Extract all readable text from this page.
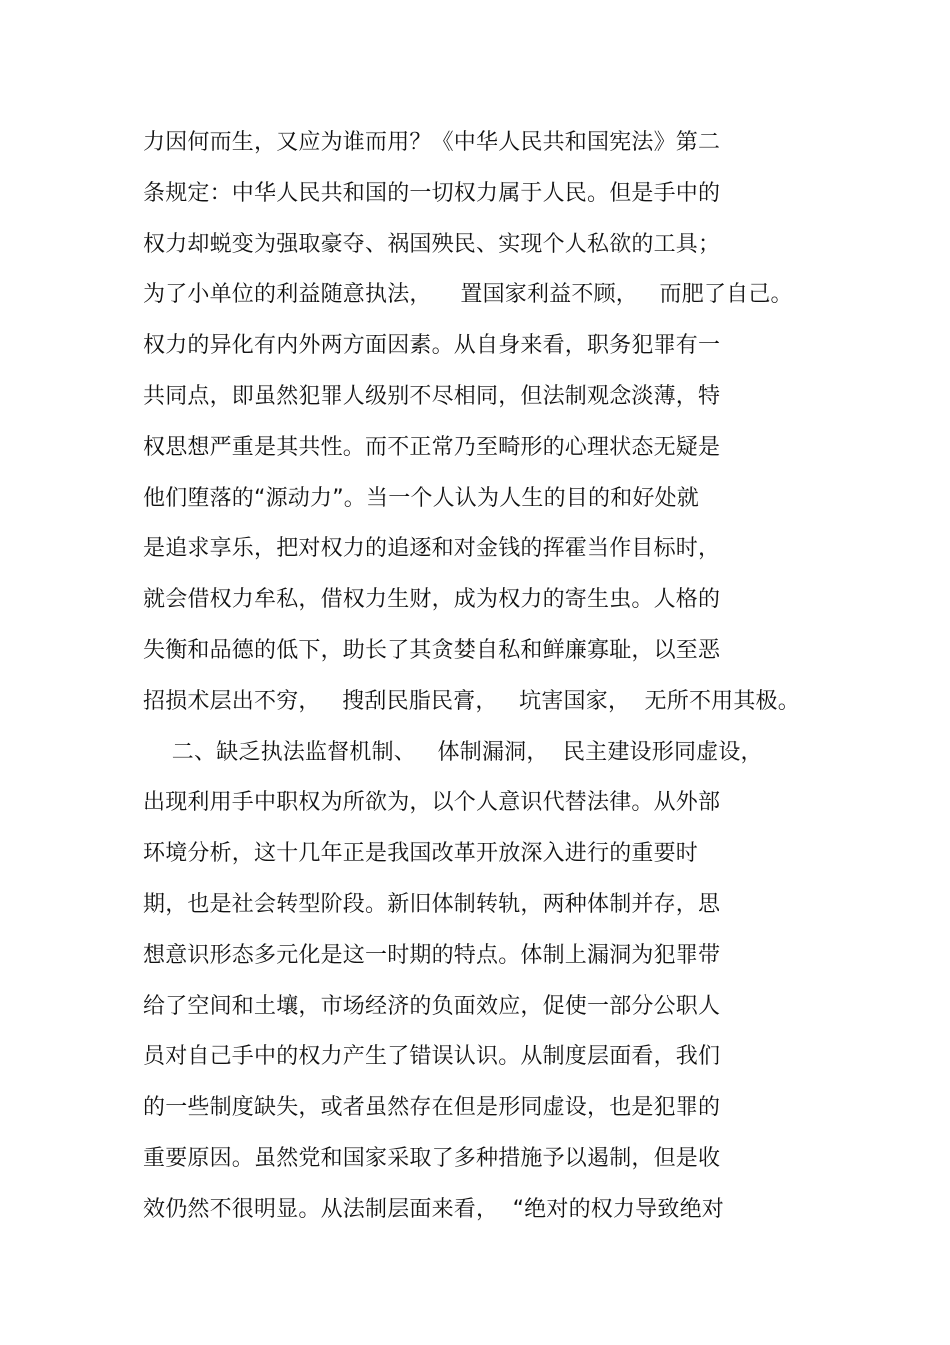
力因何而生，又应为谁而用？《中华人民共和国宪法》第二
条规定：中华人民共和国的一切权力属于人民。但是手中的
权力却蜕变为强取豪夺、祸国殃民、实现个人私欲的工具；
为了小单位的利益随意执法，    置国家利益不顾，   而肥了自己。
权力的异化有内外两方面因素。从自身来看，职务犯罪有一
共同点，即虽然犯罪人级别不尽相同，但法制观念淡薄，特
权思想严重是其共性。而不正常乃至畸形的心理状态无疑是
他们堕落的“源动力”。当一个人认为人生的目的和好处就
是追求享乐，把对权力的追逐和对金钱的挥霍当作目标时，
就会借权力牟私，借权力生财，成为权力的寄生虫。人格的
失衡和品德的低下，助长了其贪婪自私和鲜廉寡耻，以至恶
招损术层出不穷，   搜刮民脂民膏，   坑害国家，  无所不用其极。
二、缺乏执法监督机制、   体制漏洞，  民主建设形同虚设，
出现利用手中职权为所欲为，以个人意识代替法律。从外部
环境分析，这十几年正是我国改革开放深入进行的重要时
期，也是社会转型阶段。新旧体制转轨，两种体制并存，思
想意识形态多元化是这一时期的特点。体制上漏洞为犯罪带
给了空间和土壤，市场经济的负面效应，促使一部分公职人
员对自己手中的权力产生了错误认识。从制度层面看，我们
的一些制度缺失，或者虽然存在但是形同虚设，也是犯罪的
重要原因。虽然党和国家采取了多种措施予以遏制，但是收
效仍然不很明显。从法制层面来看，  “绝对的权力导致绝对
